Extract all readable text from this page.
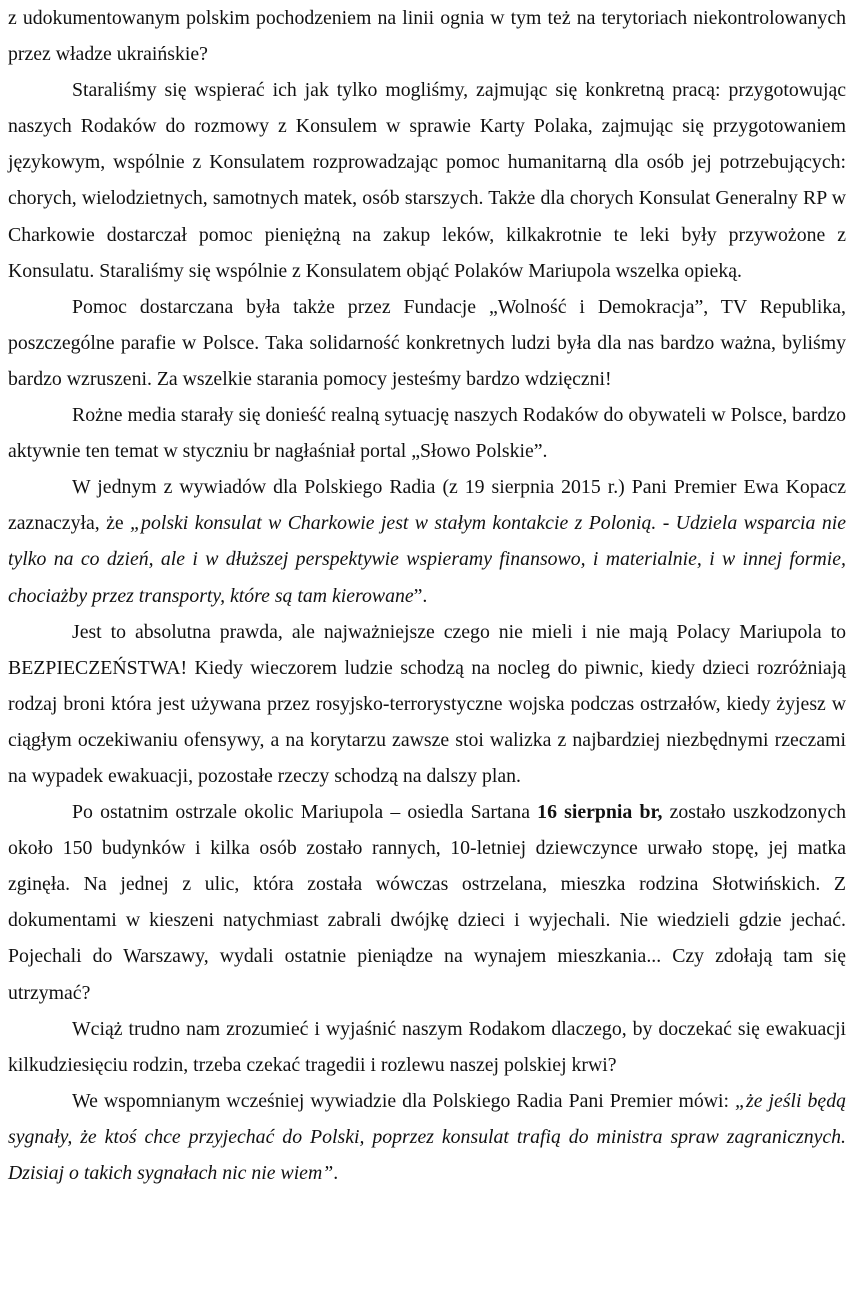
z udokumentowanym polskim pochodzeniem na linii ognia w tym też na terytoriach niekontrolowanych przez władze ukraińskie?

Staraliśmy się wspierać ich jak tylko mogliśmy, zajmując się konkretną pracą: przygotowując naszych Rodaków do rozmowy z Konsulem w sprawie Karty Polaka, zajmując się przygotowaniem językowym, wspólnie z Konsulatem rozprowadzając pomoc humanitarną dla osób jej potrzebujących: chorych, wielodzietnych, samotnych matek, osób starszych. Także dla chorych Konsulat Generalny RP w Charkowie dostarczał pomoc pieniężną na zakup leków, kilkakrotnie te leki były przywożone z Konsulatu. Staraliśmy się wspólnie z Konsulatem objąć Polaków Mariupola wszelka opieką.

Pomoc dostarczana była także przez Fundacje „Wolność i Demokracja”, TV Republika, poszczególne parafie w Polsce. Taka solidarność konkretnych ludzi była dla nas bardzo ważna, byliśmy bardzo wzruszeni. Za wszelkie starania pomocy jesteśmy bardzo wdzięczni!

Rożne media starały się donieść realną sytuację naszych Rodaków do obywateli w Polsce, bardzo aktywnie ten temat w styczniu br nagłaśniał portal „Słowo Polskie”.

W jednym z wywiadów dla Polskiego Radia (z 19 sierpnia 2015 r.) Pani Premier Ewa Kopacz zaznaczyła, że „polski konsulat w Charkowie jest w stałym kontakcie z Polonią. - Udziela wsparcia nie tylko na co dzień, ale i w dłuższej perspektywie wspieramy finansowo, i materialnie, i w innej formie, chociażby przez transporty, które są tam kierowane”.

Jest to absolutna prawda, ale najważniejsze czego nie mieli i nie mają Polacy Mariupola to BEZPIECZEŃSTWA! Kiedy wieczorem ludzie schodzą na nocleg do piwnic, kiedy dzieci rozróżniają rodzaj broni która jest używana przez rosyjsko-terrorystyczne wojska podczas ostrzałów, kiedy żyjesz w ciągłym oczekiwaniu ofensywy, a na korytarzu zawsze stoi walizka z najbardziej niezbędnymi rzeczami na wypadek ewakuacji, pozostałe rzeczy schodzą na dalszy plan.

Po ostatnim ostrzale okolic Mariupola – osiedla Sartana 16 sierpnia br, zostało uszkodzonych około 150 budynków i kilka osób zostało rannych, 10-letniej dziewczynce urwało stopę, jej matka zginęła. Na jednej z ulic, która została wówczas ostrzelana, mieszka rodzina Słotwińskich. Z dokumentami w kieszeni natychmiast zabrali dwójkę dzieci i wyjechali. Nie wiedzieli gdzie jechać. Pojechali do Warszawy, wydali ostatnie pieniądze na wynajem mieszkania... Czy zdołają tam się utrzymać?

Wciąż trudno nam zrozumieć i wyjaśnić naszym Rodakom dlaczego, by doczekać się ewakuacji kilkudziesięciu rodzin, trzeba czekać tragedii i rozlewu naszej polskiej krwi?

We wspomnianym wcześniej wywiadzie dla Polskiego Radia Pani Premier mówi: „że jeśli będą sygnały, że ktoś chce przyjechać do Polski, poprzez konsulat trafią do ministra spraw zagranicznych. Dzisiaj o takich sygnałach nic nie wiem”.
